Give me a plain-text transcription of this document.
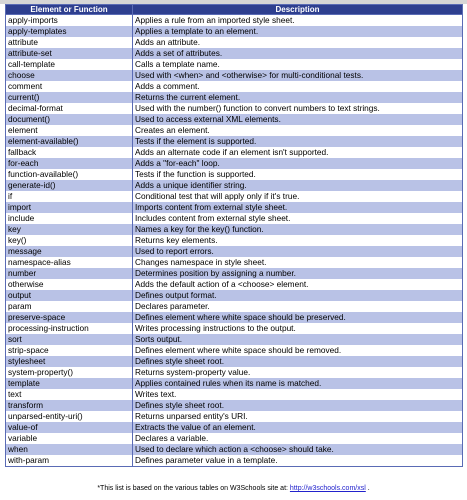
Element or Function	Description
apply-imports	Applies a rule from an imported style sheet.
apply-templates	Applies a template to an element.
attribute	Adds an attribute.
attribute-set	Adds a set of attributes.
call-template	Calls a template name.
choose	Used with <when> and <otherwise> for multi-conditional tests.
comment	Adds a comment.
current()	Returns the current element.
decimal-format	Used with the number() function to convert numbers to text strings.
document()	Used to access external XML elements.
element	Creates an element.
element-available()	Tests if the element is supported.
fallback	Adds an alternate code if an element isn't supported.
for-each	Adds a "for-each" loop.
function-available()	Tests if the function is supported.
generate-id()	Adds a unique identifier string.
if	Conditional test that will apply only if it's true.
import	Imports content from external style sheet.
include	Includes content from external style sheet.
key	Names a key for the key() function.
key()	Returns key elements.
message	Used to report errors.
namespace-alias	Changes namespace in style sheet.
number	Determines position by assigning a number.
otherwise	Adds the default action of a <choose> element.
output	Defines output format.
param	Declares parameter.
preserve-space	Defines element where white space should be preserved.
processing-instruction	Writes processing instructions to the output.
sort	Sorts output.
strip-space	Defines element where white space should be removed.
stylesheet	Defines style sheet root.
system-property()	Returns system-property value.
template	Applies contained rules when its name is matched.
text	Writes text.
transform	Defines style sheet root.
unparsed-entity-uri()	Returns unparsed entity's URI.
value-of	Extracts the value of an element.
variable	Declares a variable.
when	Used to declare which action a <choose> should take.
with-param	Defines parameter value in a template.
*This list is based on the various tables on W3Schools site at: http://w3schools.com/xsl .
